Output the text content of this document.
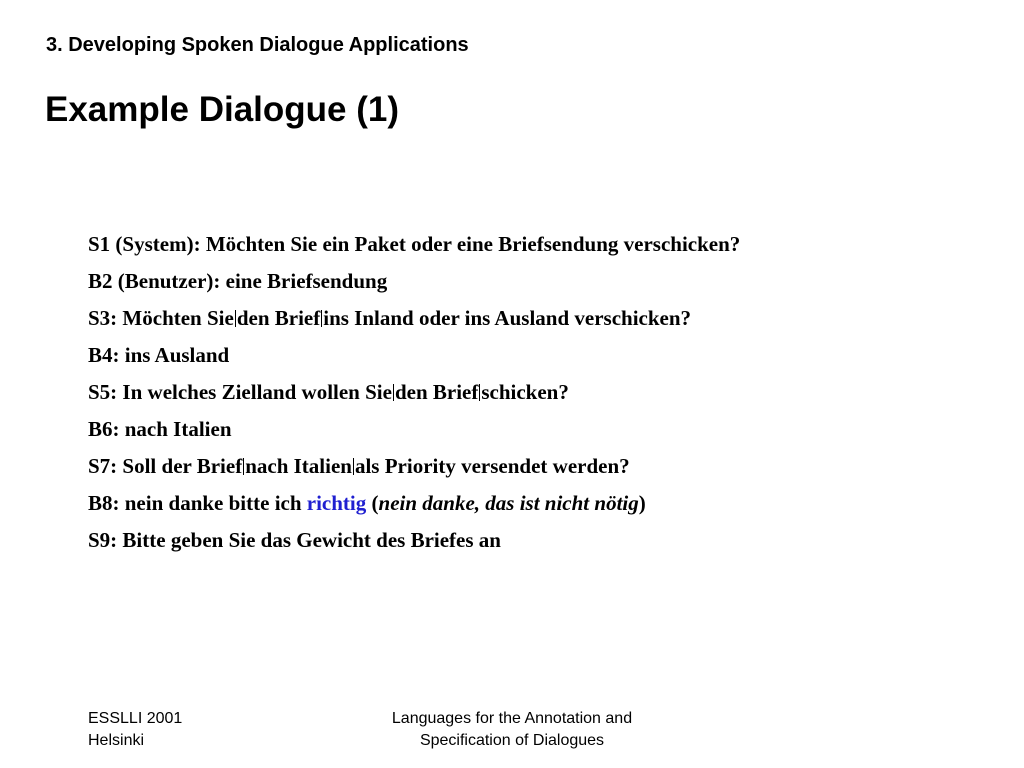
3. Developing Spoken Dialogue Applications
Example Dialogue (1)
S1 (System): Möchten Sie ein Paket oder eine Briefsendung verschicken?
B2 (Benutzer): eine Briefsendung
S3: Möchten Sie den Brief ins Inland oder ins Ausland verschicken?
B4: ins Ausland
S5: In welches Zielland wollen Sie den Brief schicken?
B6: nach Italien
S7: Soll der Brief nach Italien als Priority versendet werden?
B8: nein danke bitte ich richtig (nein danke, das ist nicht nötig)
S9: Bitte geben Sie das Gewicht des Briefes an
ESSLLI 2001
Helsinki
Languages for the Annotation and
Specification of Dialogues
